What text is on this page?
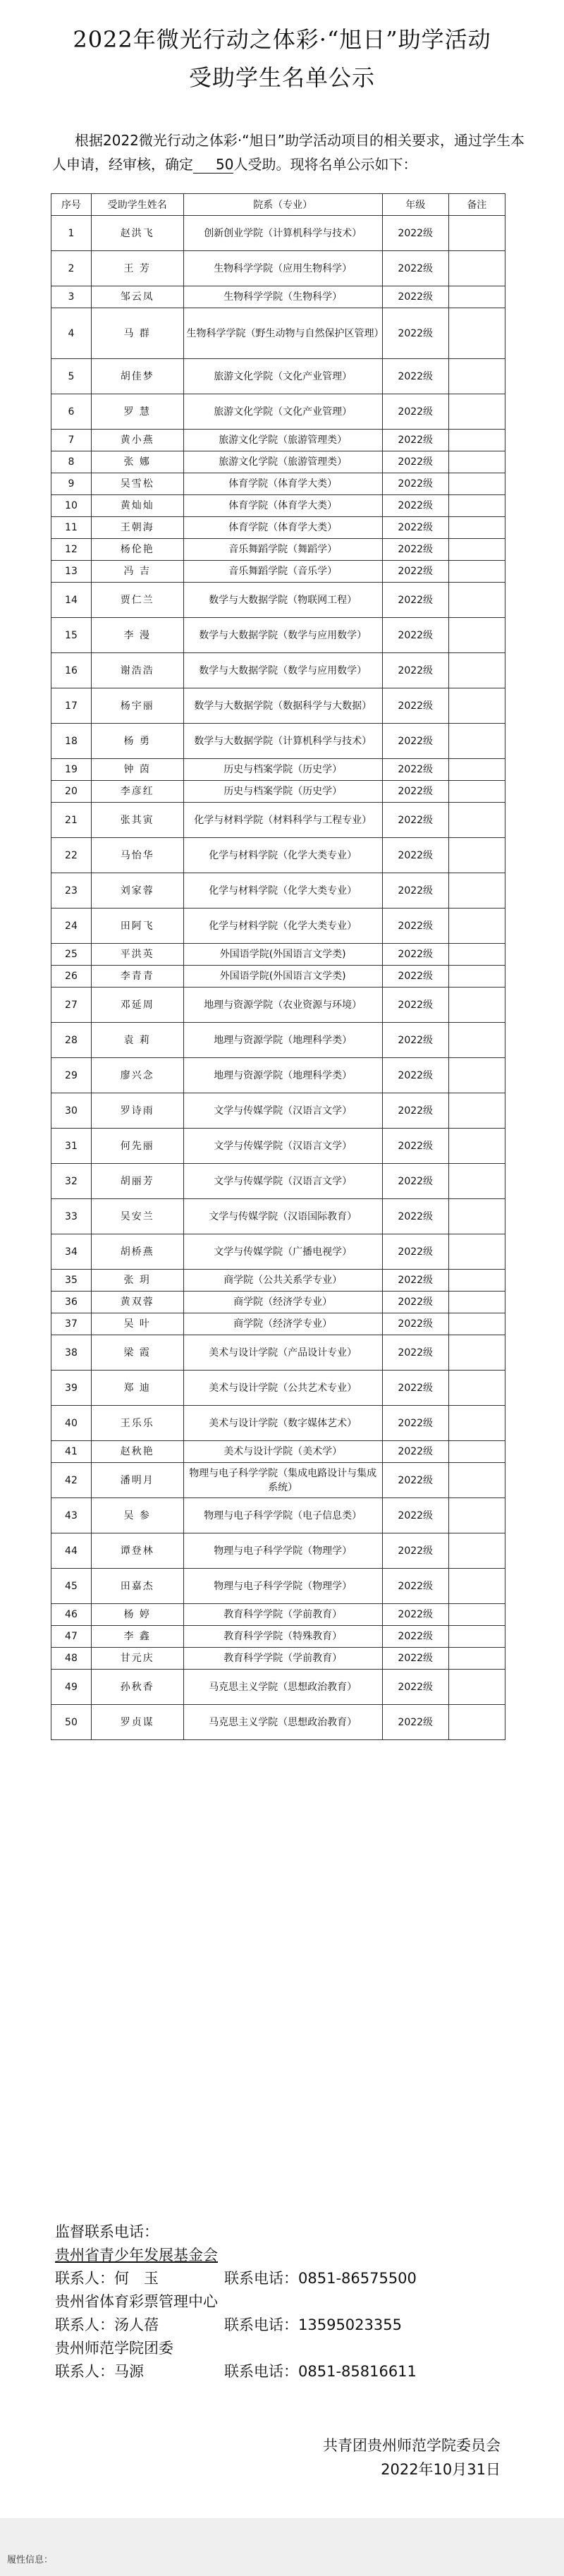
2022年微光行动之体彩·“旭日”助学活动
受助学生名单公示

根据2022微光行动之体彩·“旭日”助学活动项目的相关要求，通过学生本人申请，经审核，确定 50人受助。现将名单公示如下：

序号	受助学生姓名	院系（专业）	年级	备注
1	赵洪飞	创新创业学院（计算机科学与技术）	2022级	
2	王 芳	生物科学学院（应用生物科学）	2022级	
3	邹云凤	生物科学学院（生物科学）	2022级	
4	马 群	生物科学学院（野生动物与自然保护区管理）	2022级	
5	胡佳梦	旅游文化学院（文化产业管理）	2022级	
6	罗 慧	旅游文化学院（文化产业管理）	2022级	
7	黄小燕	旅游文化学院（旅游管理类）	2022级	
8	张 娜	旅游文化学院（旅游管理类）	2022级	
9	吴雪松	体育学院（体育学大类）	2022级	
10	黄灿灿	体育学院（体育学大类）	2022级	
11	王朝海	体育学院（体育学大类）	2022级	
12	杨伦艳	音乐舞蹈学院（舞蹈学）	2022级	
13	冯 吉	音乐舞蹈学院（音乐学）	2022级	
14	贾仁兰	数学与大数据学院（物联网工程）	2022级	
15	李 漫	数学与大数据学院（数学与应用数学）	2022级	
16	谢浩浩	数学与大数据学院（数学与应用数学）	2022级	
17	杨宇丽	数学与大数据学院（数据科学与大数据）	2022级	
18	杨 勇	数学与大数据学院（计算机科学与技术）	2022级	
19	钟 茵	历史与档案学院（历史学）	2022级	
20	李彦红	历史与档案学院（历史学）	2022级	
21	张其寅	化学与材料学院（材料科学与工程专业）	2022级	
22	马怡华	化学与材料学院（化学大类专业）	2022级	
23	刘家蓉	化学与材料学院（化学大类专业）	2022级	
24	田阿飞	化学与材料学院（化学大类专业）	2022级	
25	平洪英	外国语学院(外国语言文学类)	2022级	
26	李青青	外国语学院(外国语言文学类)	2022级	
27	邓延周	地理与资源学院（农业资源与环境）	2022级	
28	袁 莉	地理与资源学院（地理科学类）	2022级	
29	廖兴念	地理与资源学院（地理科学类）	2022级	
30	罗诗雨	文学与传媒学院（汉语言文学）	2022级	
31	何先丽	文学与传媒学院（汉语言文学）	2022级	
32	胡丽芳	文学与传媒学院（汉语言文学）	2022级	
33	吴安兰	文学与传媒学院（汉语国际教育）	2022级	
34	胡桥燕	文学与传媒学院（广播电视学）	2022级	
35	张 玥	商学院（公共关系学专业）	2022级	
36	黄双蓉	商学院（经济学专业）	2022级	
37	吴 叶	商学院（经济学专业）	2022级	
38	梁 霞	美术与设计学院（产品设计专业）	2022级	
39	郑 迪	美术与设计学院（公共艺术专业）	2022级	
40	王乐乐	美术与设计学院（数字媒体艺术）	2022级	
41	赵秋艳	美术与设计学院（美术学）	2022级	
42	潘明月	物理与电子科学学院（集成电路设计与集成系统）	2022级	
43	吴 参	物理与电子科学学院（电子信息类）	2022级	
44	谭登林	物理与电子科学学院（物理学）	2022级	
45	田嘉杰	物理与电子科学学院（物理学）	2022级	
46	杨 婷	教育科学学院（学前教育）	2022级	
47	李 鑫	教育科学学院（特殊教育）	2022级	
48	甘元庆	教育科学学院（学前教育）	2022级	
49	孙秋香	马克思主义学院（思想政治教育）	2022级	
50	罗贞谋	马克思主义学院（思想政治教育）	2022级	
监督联系电话：
贵州省青少年发展基金会
联系人：何　玉	联系电话：0851-86575500
贵州省体育彩票管理中心
联系人：汤人蓓	联系电话：13595023355
贵州师范学院团委
联系人：马源	联系电话：0851-85816611
共青团贵州师范学院委员会
2022年10月31日
履性信息：
